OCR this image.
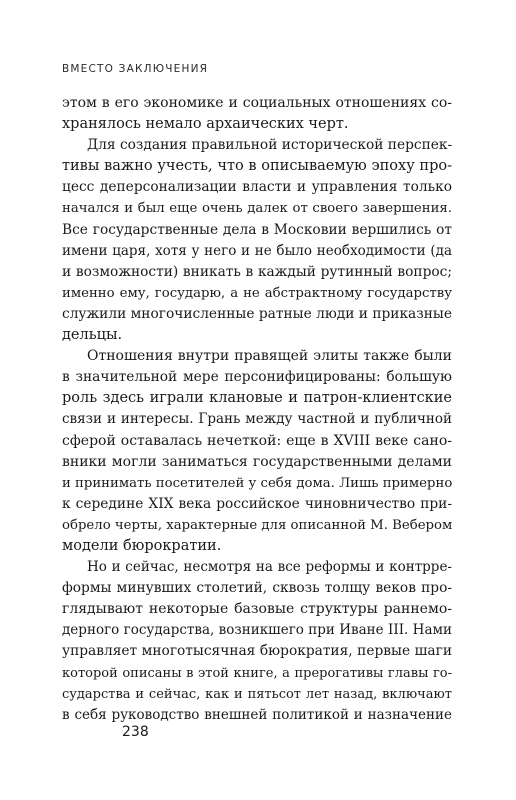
ВМЕСТО ЗАКЛЮЧЕНИЯ
этом в его экономике и социальных отношениях со-
хранялось немало архаических черт.
Для создания правильной исторической перспек-
тивы важно учесть, что в описываемую эпоху про-
цесс деперсонализации власти и управления только
начался и был еще очень далек от своего завершения.
Все государственные дела в Московии вершились от
имени царя, хотя у него и не было необходимости (да
и возможности) вникать в каждый рутинный вопрос;
именно ему, государю, а не абстрактному государству
служили многочисленные ратные люди и приказные
дельцы.
Отношения внутри правящей элиты также были
в значительной мере персонифицированы: большую
роль здесь играли клановые и патрон-клиентские
связи и интересы. Грань между частной и публичной
сферой оставалась нечеткой: еще в XVIII веке сано-
вники могли заниматься государственными делами
и принимать посетителей у себя дома. Лишь примерно
к середине XIX века российское чиновничество при-
обрело черты, характерные для описанной М. Вебером
модели бюрократии.
Но и сейчас, несмотря на все реформы и контрре-
формы минувших столетий, сквозь толщу веков про-
глядывают некоторые базовые структуры раннемо-
дерного государства, возникшего при Иване III. Нами
управляет многотысячная бюрократия, первые шаги
которой описаны в этой книге, а прерогативы главы го-
сударства и сейчас, как и пятьсот лет назад, включают
в себя руководство внешней политикой и назначение
238
